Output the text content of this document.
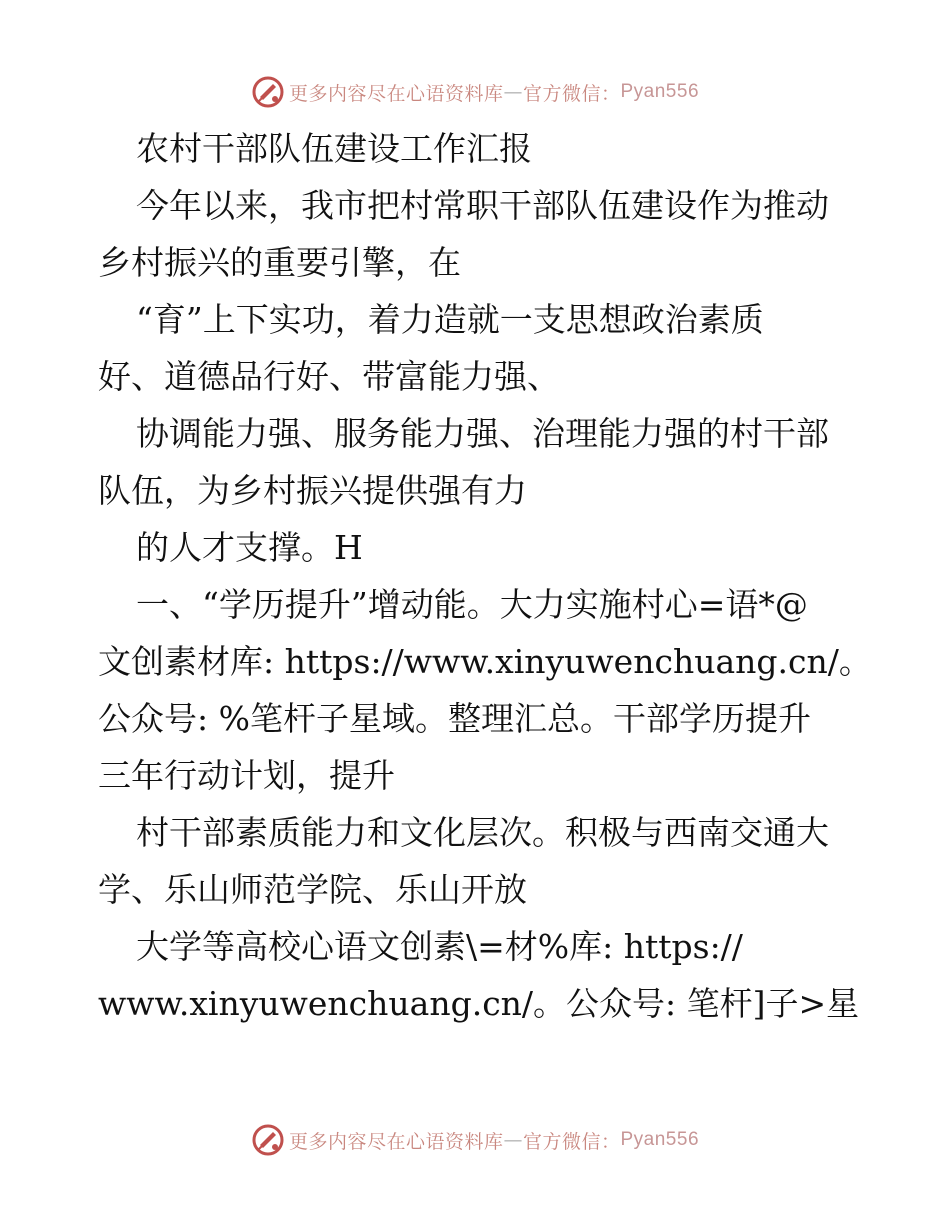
更多内容尽在心语资料库 — 官方微信： Pyan556
农村干部队伍建设工作汇报
今年以来，我市把村常职干部队伍建设作为推动
乡村振兴的重要引擎，在
“育”上下实功，着力造就一支思想政治素质
好、道德品行好、带富能力强、
协调能力强、服务能力强、治理能力强的村干部
队伍，为乡村振兴提供强有力
的人才支撑。H
一、“学历提升”增动能。大力实施村心=语*@
文创素材库: https://www.xinyuwenchuang.cn/。
公众号: %笔杆子星域。整理汇总。干部学历提升
三年行动计划，提升
村干部素质能力和文化层次。积极与西南交通大
学、乐山师范学院、乐山开放
大学等高校心语文创素\=材%库: https://
www.xinyuwenchuang.cn/。公众号: 笔杆]子>星
更多内容尽在心语资料库 — 官方微信： Pyan556
